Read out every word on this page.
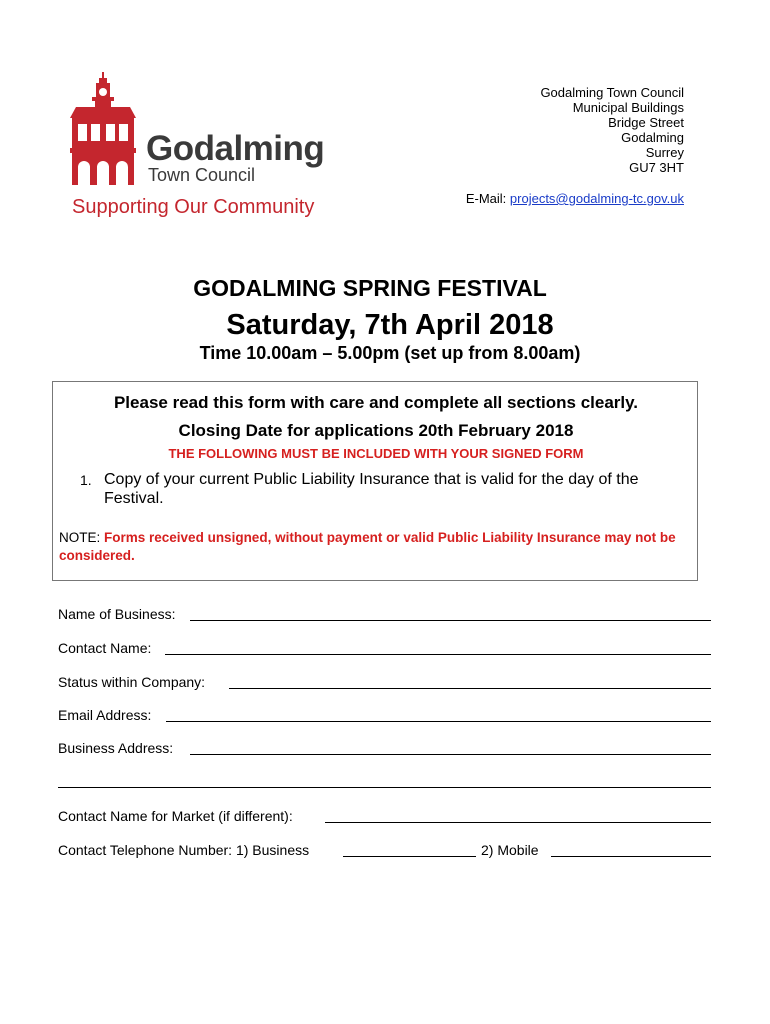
Godalming
Town Council
Supporting Our Community
Godalming Town Council
Municipal Buildings
Bridge Street
Godalming
Surrey
GU7 3HT
E-Mail: projects@godalming-tc.gov.uk
GODALMING SPRING FESTIVAL
Saturday, 7th April 2018
Time 10.00am – 5.00pm (set up from 8.00am)
Please read this form with care and complete all sections clearly.
Closing Date for applications 20th February 2018
THE FOLLOWING MUST BE INCLUDED WITH YOUR SIGNED FORM
1. Copy of your current Public Liability Insurance that is valid for the day of the Festival.
NOTE: Forms received unsigned, without payment or valid Public Liability Insurance may not be considered.
Name of Business:
Contact Name:
Status within Company:
Email Address:
Business Address:
Contact Name for Market (if different):
Contact Telephone Number: 1) Business	2) Mobile
